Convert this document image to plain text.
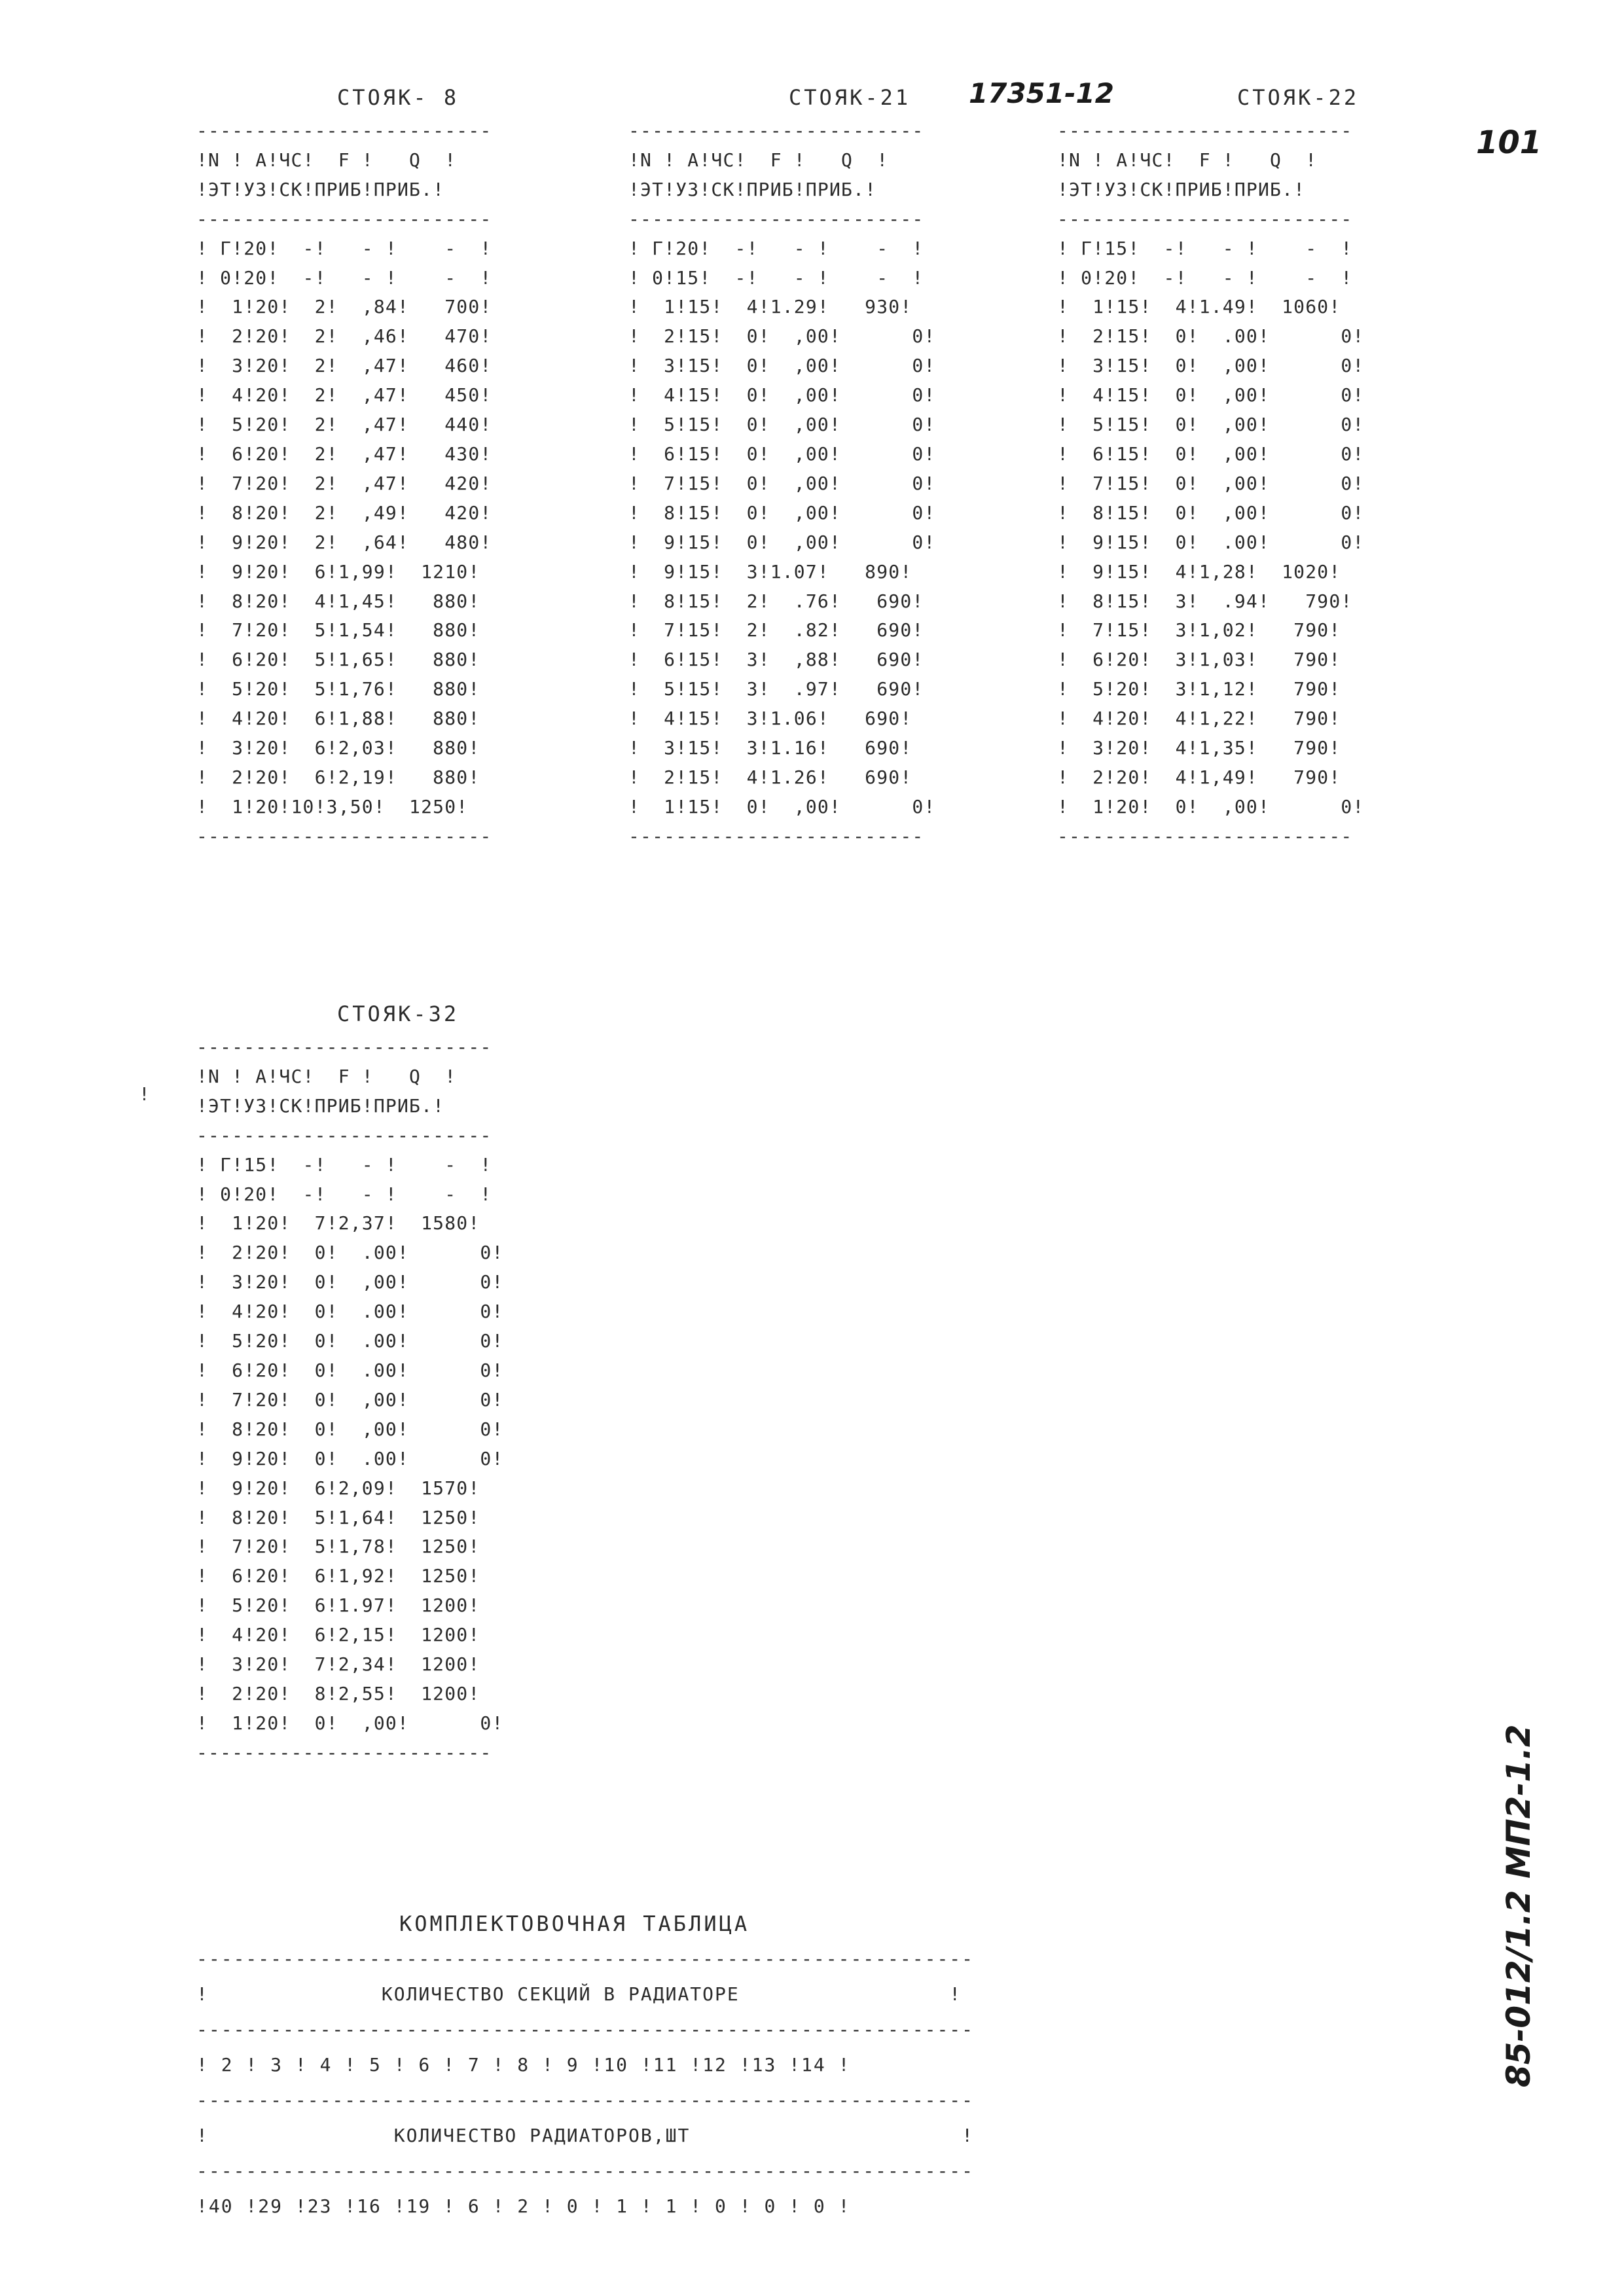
СТОЯК- 8
-------------------------
!N ! А!ЧС!  F !   Q  !
!ЭТ!УЗ!СК!ПРИБ!ПРИБ.!
-------------------------
! Г!20!  -!   - !    -  !
! 0!20!  -!   - !    -  !
!  1!20!  2!  ,84!   700!
!  2!20!  2!  ,46!   470!
!  3!20!  2!  ,47!   460!
!  4!20!  2!  ,47!   450!
!  5!20!  2!  ,47!   440!
!  6!20!  2!  ,47!   430!
!  7!20!  2!  ,47!   420!
!  8!20!  2!  ,49!   420!
!  9!20!  2!  ,64!   480!
!  9!20!  6!1,99!  1210!
!  8!20!  4!1,45!   880!
!  7!20!  5!1,54!   880!
!  6!20!  5!1,65!   880!
!  5!20!  5!1,76!   880!
!  4!20!  6!1,88!   880!
!  3!20!  6!2,03!   880!
!  2!20!  6!2,19!   880!
!  1!20!10!3,50!  1250!
-------------------------
СТОЯК-21 17351-12
-------------------------
!N ! А!ЧС!  F !   Q  !
!ЭТ!УЗ!СК!ПРИБ!ПРИБ.!
-------------------------
! Г!20!  -!   - !    -  !
! 0!15!  -!   - !    -  !
!  1!15!  4!1.29!   930!
!  2!15!  0!  ,00!      0!
!  3!15!  0!  ,00!      0!
!  4!15!  0!  ,00!      0!
!  5!15!  0!  ,00!      0!
!  6!15!  0!  ,00!      0!
!  7!15!  0!  ,00!      0!
!  8!15!  0!  ,00!      0!
!  9!15!  0!  ,00!      0!
!  9!15!  3!1.07!   890!
!  8!15!  2!  .76!   690!
!  7!15!  2!  .82!   690!
!  6!15!  3!  ,88!   690!
!  5!15!  3!  .97!   690!
!  4!15!  3!1.06!   690!
!  3!15!  3!1.16!   690!
!  2!15!  4!1.26!   690!
!  1!15!  0!  ,00!      0!
-------------------------
СТОЯК-22
101
-------------------------
!N ! А!ЧС!  F !   Q  !
!ЭТ!УЗ!СК!ПРИБ!ПРИБ.!
-------------------------
! Г!15!  -!   - !    -  !
! 0!20!  -!   - !    -  !
!  1!15!  4!1.49!  1060!
!  2!15!  0!  .00!      0!
!  3!15!  0!  ,00!      0!
!  4!15!  0!  ,00!      0!
!  5!15!  0!  ,00!      0!
!  6!15!  0!  ,00!      0!
!  7!15!  0!  ,00!      0!
!  8!15!  0!  ,00!      0!
!  9!15!  0!  .00!      0!
!  9!15!  4!1,28!  1020!
!  8!15!  3!  .94!   790!
!  7!15!  3!1,02!   790!
!  6!20!  3!1,03!   790!
!  5!20!  3!1,12!   790!
!  4!20!  4!1,22!   790!
!  3!20!  4!1,35!   790!
!  2!20!  4!1,49!   790!
!  1!20!  0!  ,00!      0!
-------------------------
СТОЯК-32
!
-------------------------
!N ! А!ЧС!  F !   Q  !
!ЭТ!УЗ!СК!ПРИБ!ПРИБ.!
-------------------------
! Г!15!  -!   - !    -  !
! 0!20!  -!   - !    -  !
!  1!20!  7!2,37!  1580!
!  2!20!  0!  .00!      0!
!  3!20!  0!  ,00!      0!
!  4!20!  0!  .00!      0!
!  5!20!  0!  .00!      0!
!  6!20!  0!  .00!      0!
!  7!20!  0!  ,00!      0!
!  8!20!  0!  ,00!      0!
!  9!20!  0!  .00!      0!
!  9!20!  6!2,09!  1570!
!  8!20!  5!1,64!  1250!
!  7!20!  5!1,78!  1250!
!  6!20!  6!1,92!  1250!
!  5!20!  6!1.97!  1200!
!  4!20!  6!2,15!  1200!
!  3!20!  7!2,34!  1200!
!  2!20!  8!2,55!  1200!
!  1!20!  0!  ,00!      0!
-------------------------
КОМПЛЕКТОВОЧНАЯ ТАБЛИЦА
---------------------------------------------------------------
!              КОЛИЧЕСТВО СЕКЦИЙ В РАДИАТОРЕ                 !
---------------------------------------------------------------
! 2 ! 3 ! 4 ! 5 ! 6 ! 7 ! 8 ! 9 !10 !11 !12 !13 !14 !
---------------------------------------------------------------
!               КОЛИЧЕСТВО РАДИАТОРОВ,ШТ                      !
---------------------------------------------------------------
!40 !29 !23 !16 !19 ! 6 ! 2 ! 0 ! 1 ! 1 ! 0 ! 0 ! 0 !
85-012/1.2 МП2-1.2
